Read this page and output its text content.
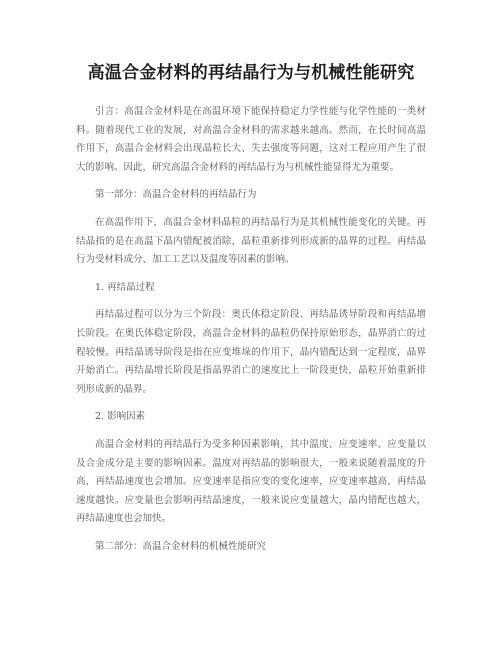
高温合金材料的再结晶行为与机械性能研究

引言：高温合金材料是在高温环境下能保持稳定力学性能与化学性能的一类材料。随着现代工业的发展，对高温合金材料的需求越来越高。然而，在长时间高温作用下，高温合金材料会出现晶粒长大、失去强度等问题，这对工程应用产生了很大的影响。因此，研究高温合金材料的再结晶行为与机械性能显得尤为重要。

第一部分：高温合金材料的再结晶行为

在高温作用下，高温合金材料晶粒的再结晶行为是其机械性能变化的关键。再结晶指的是在高温下晶内错配被消除，晶粒重新排列形成新的晶界的过程。再结晶行为受材料成分、加工工艺以及温度等因素的影响。

1. 再结晶过程

再结晶过程可以分为三个阶段：奥氏体稳定阶段、再结晶诱导阶段和再结晶增长阶段。在奥氏体稳定阶段，高温合金材料的晶粒仍保持原始形态，晶界消亡的过程较慢。再结晶诱导阶段是指在应变堆垛的作用下，晶内错配达到一定程度，晶界开始消亡。再结晶增长阶段是指晶界消亡的速度比上一阶段更快，晶粒开始重新排列形成新的晶界。

2. 影响因素

高温合金材料的再结晶行为受多种因素影响，其中温度、应变速率、应变量以及合金成分是主要的影响因素。温度对再结晶的影响很大，一般来说随着温度的升高，再结晶速度也会增加。应变速率是指应变的变化速率，应变速率越高，再结晶速度越快。应变量也会影响再结晶速度，一般来说应变量越大，晶内错配也越大，再结晶速度也会加快。

第二部分：高温合金材料的机械性能研究
